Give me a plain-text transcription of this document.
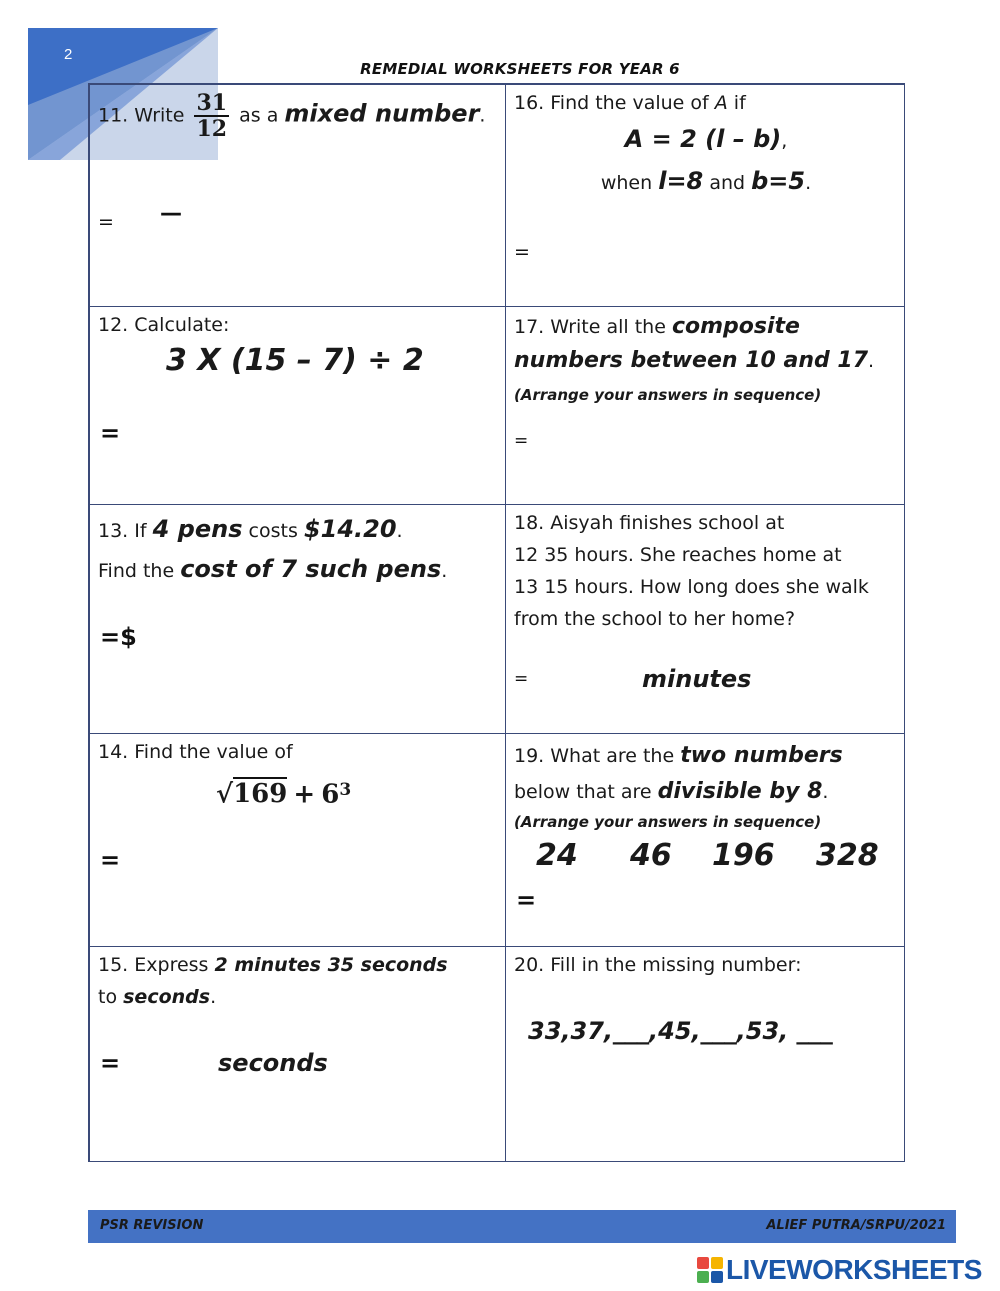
2
REMEDIAL WORKSHEETS FOR YEAR 6
11. Write $\frac{31}{12}$ as a mixed number.
= —
16. Find the value of A if
A = 2 (l – b),
when l=8 and b=5.
=
12. Calculate:
3 X (15 – 7) ÷ 2
=
17. Write all the composite
numbers between 10 and 17.
(Arrange your answers in sequence)
=
13. If 4 pens costs $14.20.
Find the cost of 7 such pens.
=$
18. Aisyah finishes school at
12 35 hours. She reaches home at
13 15 hours. How long does she walk
from the school to her home?
=	minutes
14. Find the value of
$√169 + 6^3$
=
19. What are the two numbers
below that are divisible by 8.
(Arrange your answers in sequence)
24 46 196 328
=
15. Express 2 minutes 35 seconds
to seconds.
=	seconds
20. Fill in the missing number:
33,37,___,45,___,53, ___
PSR REVISION	ALIEF PUTRA/SRPU/2021
LIVEWORKSHEETS
